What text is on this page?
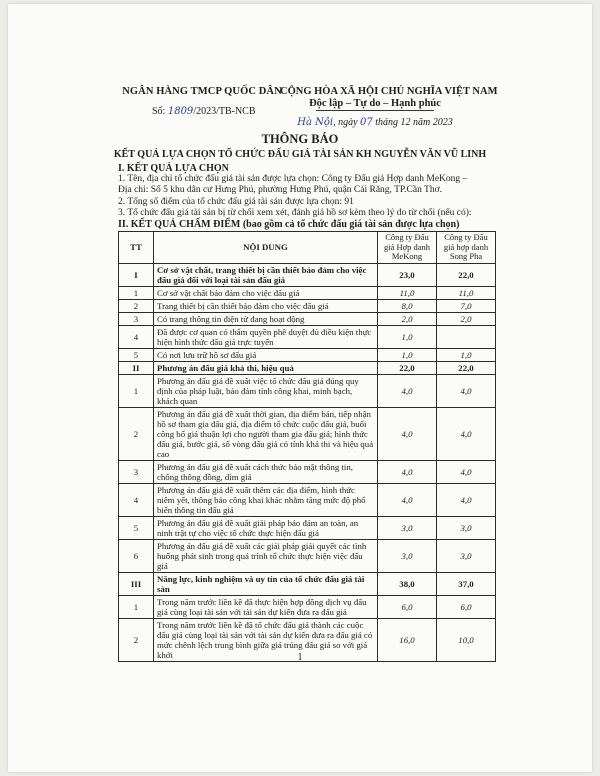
NGÂN HÀNG TMCP QUỐC DÂN
Số: 1809/2023/TB-NCB
CỘNG HÒA XÃ HỘI CHỦ NGHĨA VIỆT NAM
Độc lập – Tự do – Hạnh phúc
Hà Nội, ngày 07 tháng 12 năm 2023
THÔNG BÁO
KẾT QUẢ LỰA CHỌN TỔ CHỨC ĐẤU GIÁ TÀI SẢN KH NGUYỄN VĂN VŨ LINH

I. KẾT QUẢ LỰA CHỌN

1. Tên, địa chỉ tổ chức đấu giá tài sản được lựa chọn: Công ty Đấu giá Hợp danh MeKong –

Địa chỉ: Số 5 khu dân cư Hưng Phú, phường Hưng Phú, quận Cái Răng, TP.Cần Thơ.

2. Tổng số điểm của tổ chức đấu giá tài sản được lựa chọn: 91

3. Tổ chức đấu giá tài sản bị từ chối xem xét, đánh giá hồ sơ kèm theo lý do từ chối (nếu có):

II. KẾT QUẢ CHẤM ĐIỂM (bao gồm cả tổ chức đấu giá tài sản được lựa chọn)

TT	NỘI DUNG	Công ty Đấu giá Hợp danh MeKong	Công ty Đấu giá hợp danh Song Pha
I	Cơ sở vật chất, trang thiết bị cần thiết bảo đảm cho việc đấu giá đối với loại tài sản đấu giá	23,0	22,0
1	Cơ sở vật chất bảo đảm cho việc đấu giá	11,0	11,0
2	Trang thiết bị cần thiết bảo đảm cho việc đấu giá	8,0	7,0
3	Có trang thông tin điện tử đang hoạt động	2,0	2,0
4	Đã được cơ quan có thẩm quyền phê duyệt đủ điều kiện thực hiện hình thức đấu giá trực tuyến	1,0	
5	Có nơi lưu trữ hồ sơ đấu giá	1,0	1,0
II	Phương án đấu giá khả thi, hiệu quả	22,0	22,0
1	Phương án đấu giá đề xuất việc tổ chức đấu giá đúng quy định của pháp luật, bảo đảm tính công khai, minh bạch, khách quan	4,0	4,0
2	Phương án đấu giá đề xuất thời gian, địa điểm bán, tiếp nhận hồ sơ tham gia đấu giá, địa điểm tổ chức cuộc đấu giá, buổi công bố giá thuận lợi cho người tham gia đấu giá; hình thức đấu giá, bước giá, số vòng đấu giá có tính khả thi và hiệu quả cao	4,0	4,0
3	Phương án đấu giá đề xuất cách thức bảo mật thông tin, chống thông đồng, dìm giá	4,0	4,0
4	Phương án đấu giá đề xuất thêm các địa điểm, hình thức niêm yết, thông báo công khai khác nhằm tăng mức độ phổ biến thông tin đấu giá	4,0	4,0
5	Phương án đấu giá đề xuất giải pháp bảo đảm an toàn, an ninh trật tự cho việc tổ chức thực hiện đấu giá	3,0	3,0
6	Phương án đấu giá đề xuất các giải pháp giải quyết các tình huống phát sinh trong quá trình tổ chức thực hiện việc đấu giá	3,0	3,0
III	Năng lực, kinh nghiệm và uy tín của tổ chức đấu giá tài sản	38,0	37,0
1	Trong năm trước liền kề đã thực hiện hợp đồng dịch vụ đấu giá cùng loại tài sản với tài sản dự kiến đưa ra đấu giá	6,0	6,0
2	Trong năm trước liền kề đã tổ chức đấu giá thành các cuộc đấu giá cùng loại tài sản với tài sản dự kiến đưa ra đấu giá có mức chênh lệch trung bình giữa giá trúng đấu giá so với giá khởi	16,0	10,0
1
